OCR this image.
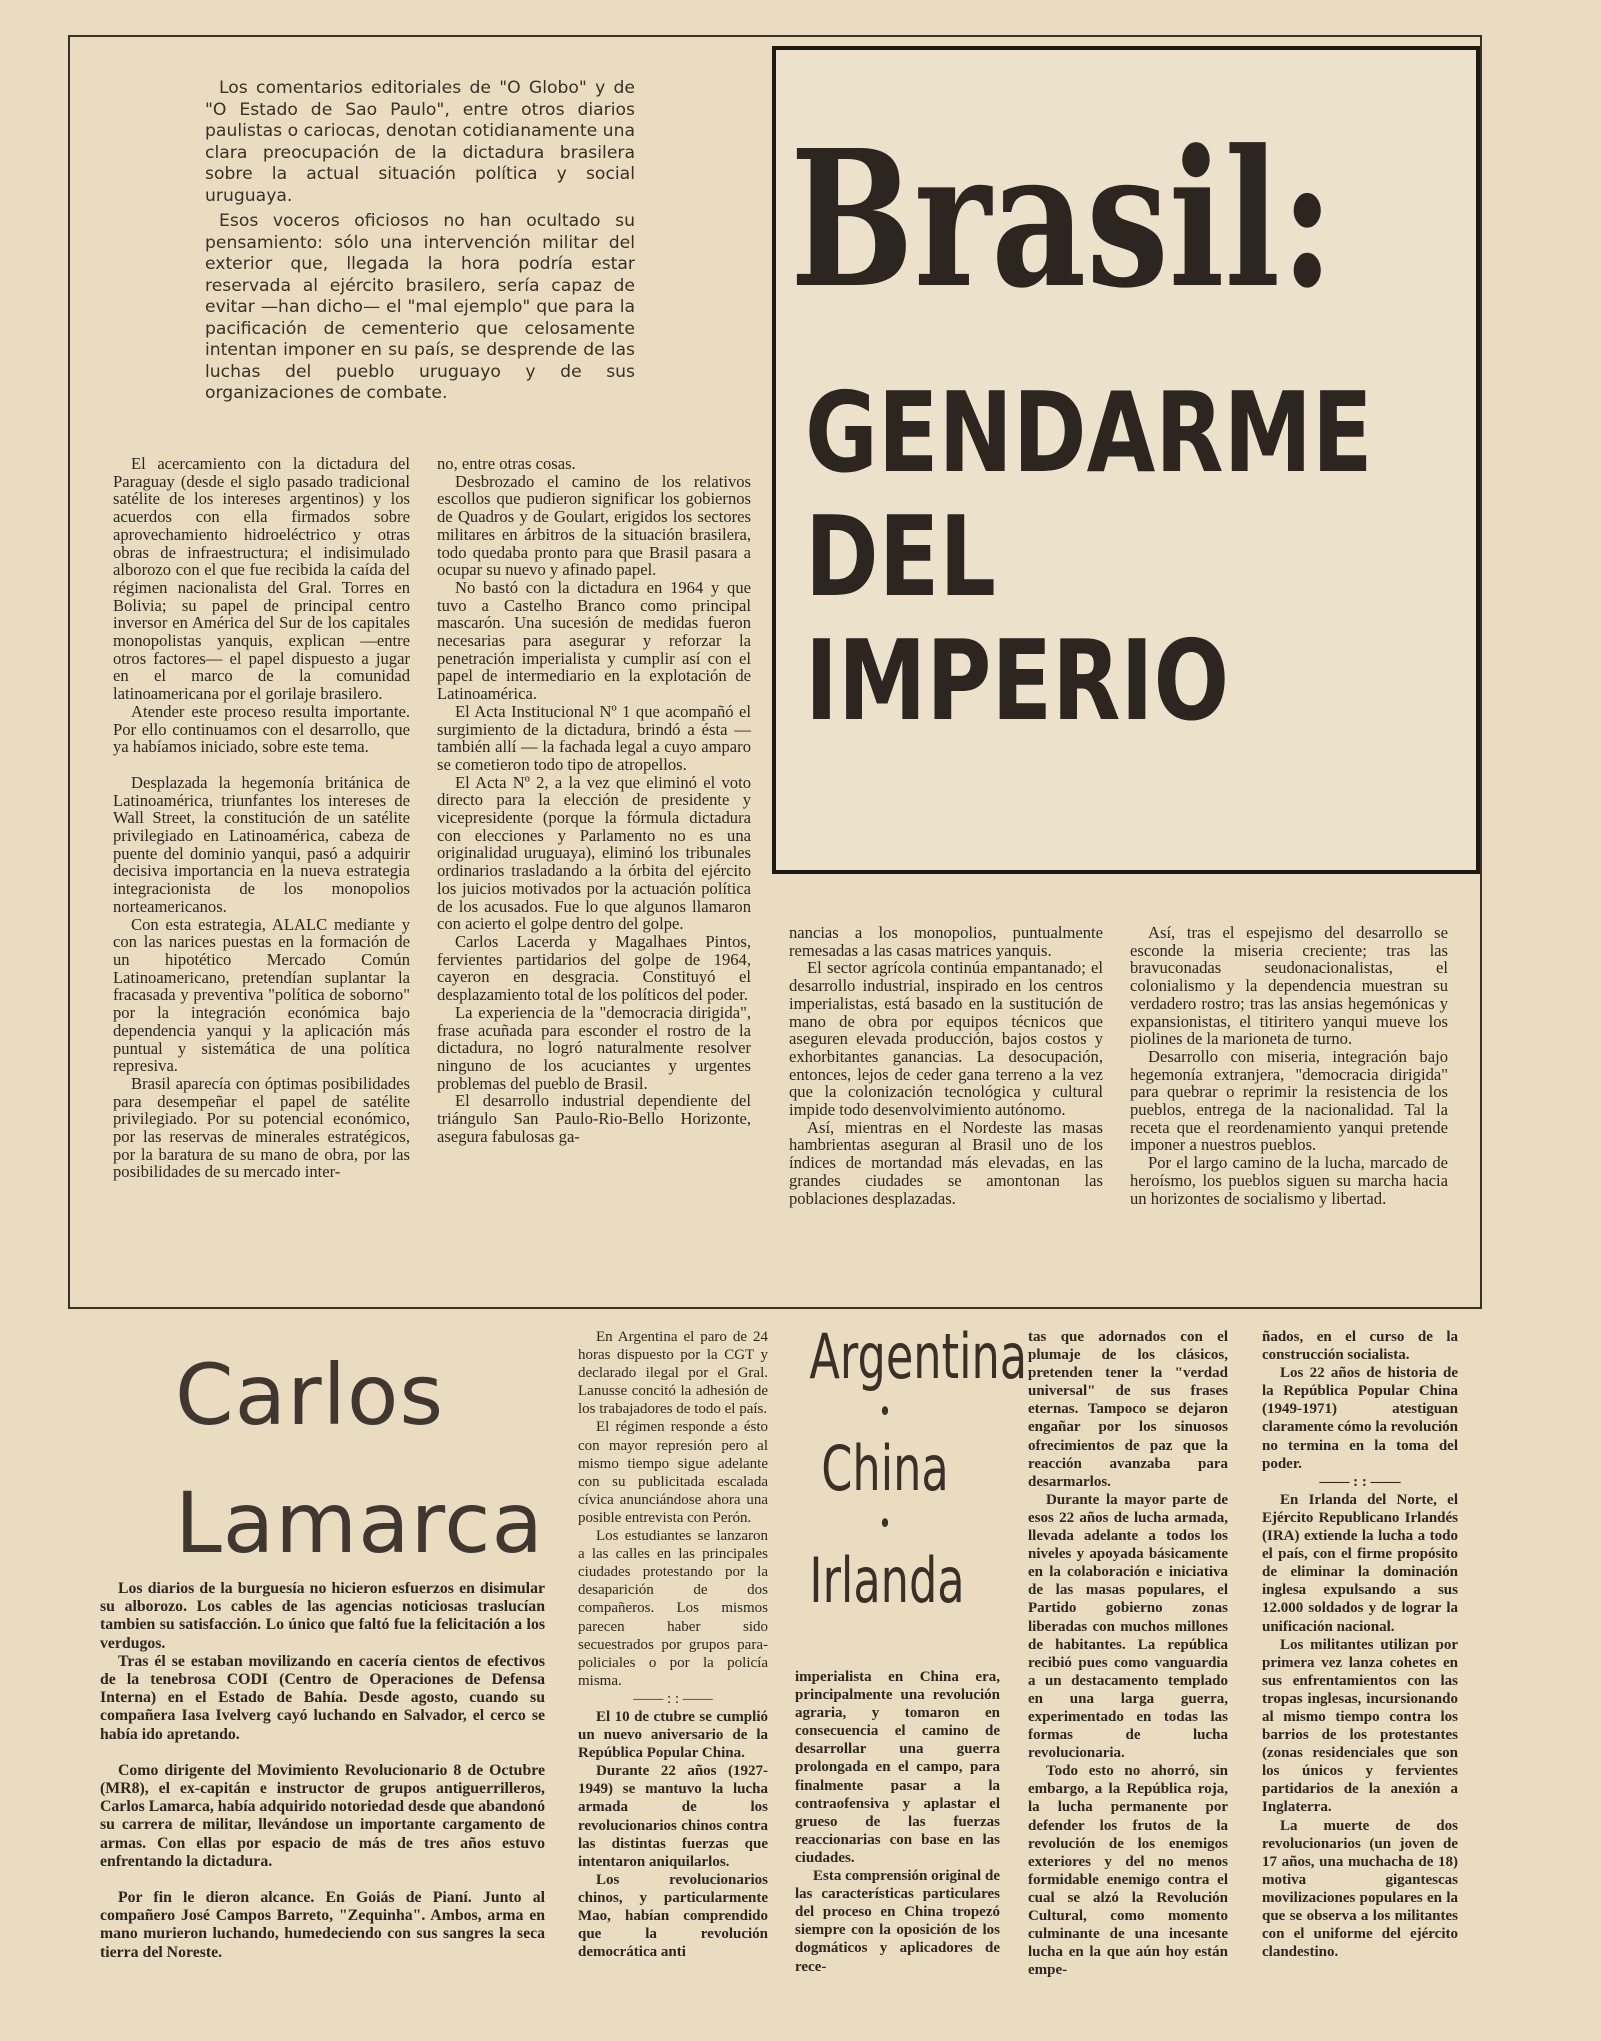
Los comentarios editoriales de "O Globo" y de "O Estado de Sao Paulo", entre otros diarios paulistas o cariocas, denotan cotidianamente una clara preocupación de la dictadura brasilera sobre la actual situación política y social uruguaya.

Esos voceros oficiosos no han ocultado su pensamiento: sólo una intervención militar del exterior que, llegada la hora podría estar reservada al ejército brasilero, sería capaz de evitar —han dicho— el "mal ejemplo" que para la pacificación de cementerio que celosamente intentan imponer en su país, se desprende de las luchas del pueblo uruguayo y de sus organizaciones de combate.

Brasil:
GENDARME
DEL
IMPERIO

El acercamiento con la dictadura del Paraguay (desde el siglo pasado tradicional satélite de los intereses argentinos) y los acuerdos con ella firmados sobre aprovechamiento hidroeléctrico y otras obras de infraestructura; el indisimulado alborozo con el que fue recibida la caída del régimen nacionalista del Gral. Torres en Bolivia; su papel de principal centro inversor en América del Sur de los capitales monopolistas yanquis, explican —entre otros factores— el papel dispuesto a jugar en el marco de la comunidad latinoamericana por el gorilaje brasilero.

Atender este proceso resulta importante. Por ello continuamos con el desarrollo, que ya habíamos iniciado, sobre este tema.

Desplazada la hegemonía británica de Latinoamérica, triunfantes los intereses de Wall Street, la constitución de un satélite privilegiado en Latinoamérica, cabeza de puente del dominio yanqui, pasó a adquirir decisiva importancia en la nueva estrategia integracionista de los monopolios norteamericanos.

Con esta estrategia, ALALC mediante y con las narices puestas en la formación de un hipotético Mercado Común Latinoamericano, pretendían suplantar la fracasada y preventiva "política de soborno" por la integración económica bajo dependencia yanqui y la aplicación más puntual y sistemática de una política represiva.

Brasil aparecía con óptimas posibilidades para desempeñar el papel de satélite privilegiado. Por su potencial económico, por las reservas de minerales estratégicos, por la baratura de su mano de obra, por las posibilidades de su mercado inter-

no, entre otras cosas.

Desbrozado el camino de los relativos escollos que pudieron significar los gobiernos de Quadros y de Goulart, erigidos los sectores militares en árbitros de la situación brasilera, todo quedaba pronto para que Brasil pasara a ocupar su nuevo y afinado papel.

No bastó con la dictadura en 1964 y que tuvo a Castelho Branco como principal mascarón. Una sucesión de medidas fueron necesarias para asegurar y reforzar la penetración imperialista y cumplir así con el papel de intermediario en la explotación de Latinoamérica.

El Acta Institucional Nº 1 que acompañó el surgimiento de la dictadura, brindó a ésta —también allí — la fachada legal a cuyo amparo se cometieron todo tipo de atropellos.

El Acta Nº 2, a la vez que eliminó el voto directo para la elección de presidente y vicepresidente (porque la fórmula dictadura con elecciones y Parlamento no es una originalidad uruguaya), eliminó los tribunales ordinarios trasladando a la órbita del ejército los juicios motivados por la actuación política de los acusados. Fue lo que algunos llamaron con acierto el golpe dentro del golpe.

Carlos Lacerda y Magalhaes Pintos, fervientes partidarios del golpe de 1964, cayeron en desgracia. Constituyó el desplazamiento total de los políticos del poder.

La experiencia de la "democracia dirigida", frase acuñada para esconder el rostro de la dictadura, no logró naturalmente resolver ninguno de los acuciantes y urgentes problemas del pueblo de Brasil.

El desarrollo industrial dependiente del triángulo San Paulo-Rio-Bello Horizonte, asegura fabulosas ga-

nancias a los monopolios, puntualmente remesadas a las casas matrices yanquis.

El sector agrícola continúa empantanado; el desarrollo industrial, inspirado en los centros imperialistas, está basado en la sustitución de mano de obra por equipos técnicos que aseguren elevada producción, bajos costos y exhorbitantes ganancias. La desocupación, entonces, lejos de ceder gana terreno a la vez que la colonización tecnológica y cultural impide todo desenvolvimiento autónomo.

Así, mientras en el Nordeste las masas hambrientas aseguran al Brasil uno de los índices de mortandad más elevadas, en las grandes ciudades se amontonan las poblaciones desplazadas.

Así, tras el espejismo del desarrollo se esconde la miseria creciente; tras las bravuconadas seudonacionalistas, el colonialismo y la dependencia muestran su verdadero rostro; tras las ansias hegemónicas y expansionistas, el titiritero yanqui mueve los piolines de la marioneta de turno.

Desarrollo con miseria, integración bajo hegemonía extranjera, "democracia dirigida" para quebrar o reprimir la resistencia de los pueblos, entrega de la nacionalidad. Tal la receta que el reordenamiento yanqui pretende imponer a nuestros pueblos.

Por el largo camino de la lucha, marcado de heroísmo, los pueblos siguen su marcha hacia un horizontes de socialismo y libertad.

Carlos
Lamarca

Los diarios de la burguesía no hicieron esfuerzos en disimular su alborozo. Los cables de las agencias noticiosas traslucían tambien su satisfacción. Lo único que faltó fue la felicitación a los verdugos.

Tras él se estaban movilizando en cacería cientos de efectivos de la tenebrosa CODI (Centro de Operaciones de Defensa Interna) en el Estado de Bahía. Desde agosto, cuando su compañera Iasa Ivelverg cayó luchando en Salvador, el cerco se había ido apretando.

Como dirigente del Movimiento Revolucionario 8 de Octubre (MR8), el ex-capitán e instructor de grupos antiguerrilleros, Carlos Lamarca, había adquirido notoriedad desde que abandonó su carrera de militar, llevándose un importante cargamento de armas. Con ellas por espacio de más de tres años estuvo enfrentando la dictadura.

Por fin le dieron alcance. En Goiás de Pianí. Junto al compañero José Campos Barreto, "Zequinha". Ambos, arma en mano murieron luchando, humedeciendo con sus sangres la seca tierra del Noreste.

En Argentina el paro de 24 horas dispuesto por la CGT y declarado ilegal por el Gral. Lanusse concitó la adhesión de los trabajadores de todo el país.

El régimen responde a ésto con mayor represión pero al mismo tiempo sigue adelante con su publicitada escalada cívica anunciándose ahora una posible entrevista con Perón.

Los estudiantes se lanzaron a las calles en las principales ciudades protestando por la desaparición de dos compañeros. Los mismos parecen haber sido secuestrados por grupos para-policiales o por la policía misma.

—— : : ——

El 10 de ctubre se cumplió un nuevo aniversario de la República Popular China.

Durante 22 años (1927-1949) se mantuvo la lucha armada de los revolucionarios chinos contra las distintas fuerzas que intentaron aniquilarlos.

Los revolucionarios chinos, y particularmente Mao, habían comprendido que la revolución democrática anti

Argentina
•
China
•
Irlanda

imperialista en China era, principalmente una revolución agraria, y tomaron en consecuencia el camino de desarrollar una guerra prolongada en el campo, para finalmente pasar a la contraofensiva y aplastar el grueso de las fuerzas reaccionarias con base en las ciudades.

Esta comprensión original de las características particulares del proceso en China tropezó siempre con la oposición de los dogmáticos y aplicadores de rece-

tas que adornados con el plumaje de los clásicos, pretenden tener la "verdad universal" de sus frases eternas. Tampoco se dejaron engañar por los sinuosos ofrecimientos de paz que la reacción avanzaba para desarmarlos.

Durante la mayor parte de esos 22 años de lucha armada, llevada adelante a todos los niveles y apoyada básicamente en la colaboración e iniciativa de las masas populares, el Partido gobierno zonas liberadas con muchos millones de habitantes. La república recibió pues como vanguardia a un destacamento templado en una larga guerra, experimentado en todas las formas de lucha revolucionaria.

Todo esto no ahorró, sin embargo, a la República roja, la lucha permanente por defender los frutos de la revolución de los enemigos exteriores y del no menos formidable enemigo contra el cual se alzó la Revolución Cultural, como momento culminante de una incesante lucha en la que aún hoy están empe-

ñados, en el curso de la construcción socialista.

Los 22 años de historia de la República Popular China (1949-1971) atestiguan claramente cómo la revolución no termina en la toma del poder.

—— : : ——

En Irlanda del Norte, el Ejército Republicano Irlandés (IRA) extiende la lucha a todo el país, con el firme propósito de eliminar la dominación inglesa expulsando a sus 12.000 soldados y de lograr la unificación nacional.

Los militantes utilizan por primera vez lanza cohetes en sus enfrentamientos con las tropas inglesas, incursionando al mismo tiempo contra los barrios de los protestantes (zonas residenciales que son los únicos y fervientes partidarios de la anexión a Inglaterra.

La muerte de dos revolucionarios (un joven de 17 años, una muchacha de 18) motiva gigantescas movilizaciones populares en la que se observa a los militantes con el uniforme del ejército clandestino.
